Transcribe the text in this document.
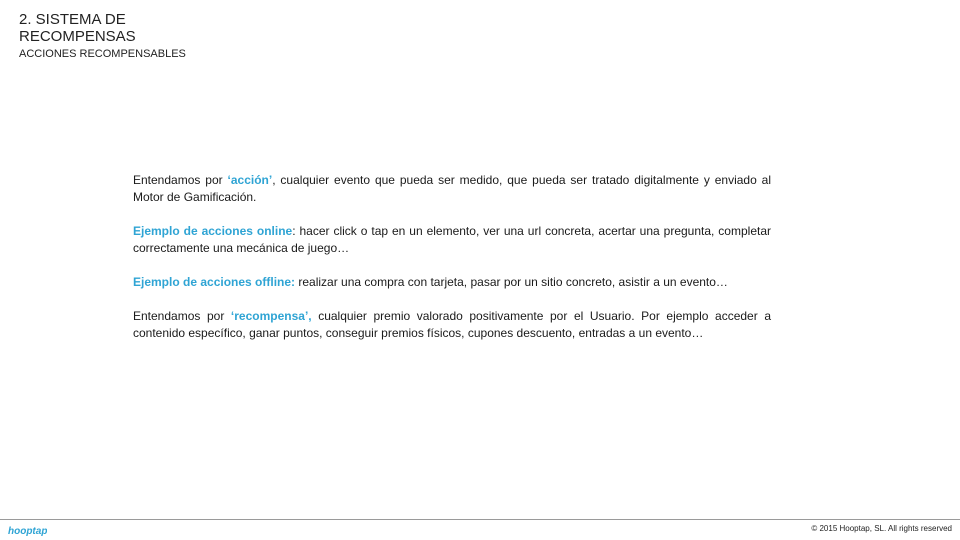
2. SISTEMA DE RECOMPENSAS
ACCIONES RECOMPENSABLES

Entendamos por ‘acción’, cualquier evento que pueda ser medido, que pueda ser tratado digitalmente y enviado al Motor de Gamificación.

Ejemplo de acciones online: hacer click o tap en un elemento, ver una url concreta, acertar una pregunta, completar correctamente una mecánica de juego…

Ejemplo de acciones offline: realizar una compra con tarjeta, pasar por un sitio concreto, asistir a un evento…

Entendamos por ‘recompensa’, cualquier premio valorado positivamente por el Usuario. Por ejemplo acceder a contenido específico, ganar puntos, conseguir premios físicos, cupones descuento, entradas a un evento…

hooptap	© 2015 Hooptap, SL. All rights reserved
